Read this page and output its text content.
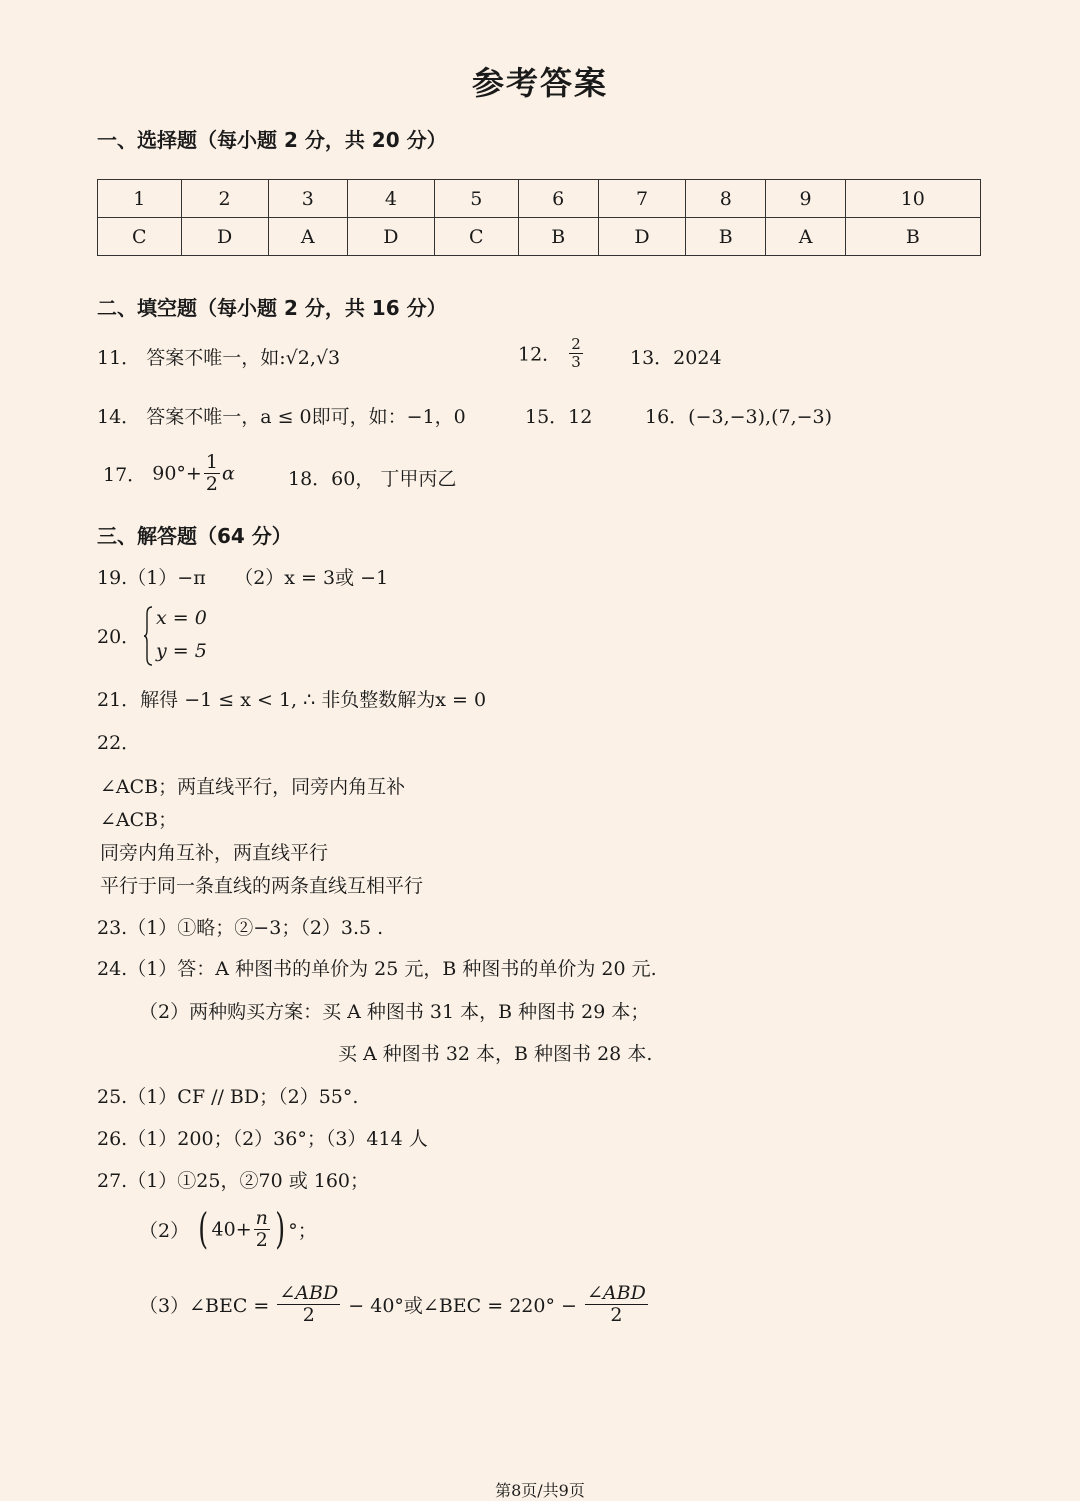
参考答案
一、选择题（每小题 2 分，共 20 分）
1	2	3	4	5	6	7	8	9	10
C	D	A	D	C	B	D	B	A	B
二、填空题（每小题 2 分，共 16 分）
11． 答案不唯一，如:√2,√3	12． $\frac{2}{3} 13$．2024
14． 答案不唯一，a ≤ 0即可，如：−1，0	15．12	16．(−3,−3),(7,−3)
17． $90^\circ+ \frac{1}{2}$ α	18．60， 丁甲丙乙
三、解答题（64 分）
19.（1）−π　　（2）x = 3或 −1
20．
x = 0
y = 5
21．解得 −1 ≤ x < 1, ∴ 非负整数解为x = 0
22．
∠ACB；两直线平行，同旁内角互补
∠ACB；
同旁内角互补，两直线平行
平行于同一条直线的两条直线互相平行
23.（1）①略；②−3；（2）3.5 .
24.（1）答：A 种图书的单价为 25 元，B 种图书的单价为 20 元.
（2）两种购买方案：买 A 种图书 31 本，B 种图书 29 本；
买 A 种图书 32 本，B 种图书 28 本.
25.（1）CF // BD；（2）55°.
26.（1）200；（2）36°；（3）414 人
27.（1）①25，②70 或 160；
（2） ( $40+ \frac{n}{2}$ ) °；
（3）∠BEC = $\frac{\text{∠ABD}}{2} - 40^\circ$或∠BEC = $220^\circ - \frac{\text{∠ABD}}{2}$
第8页/共9页
